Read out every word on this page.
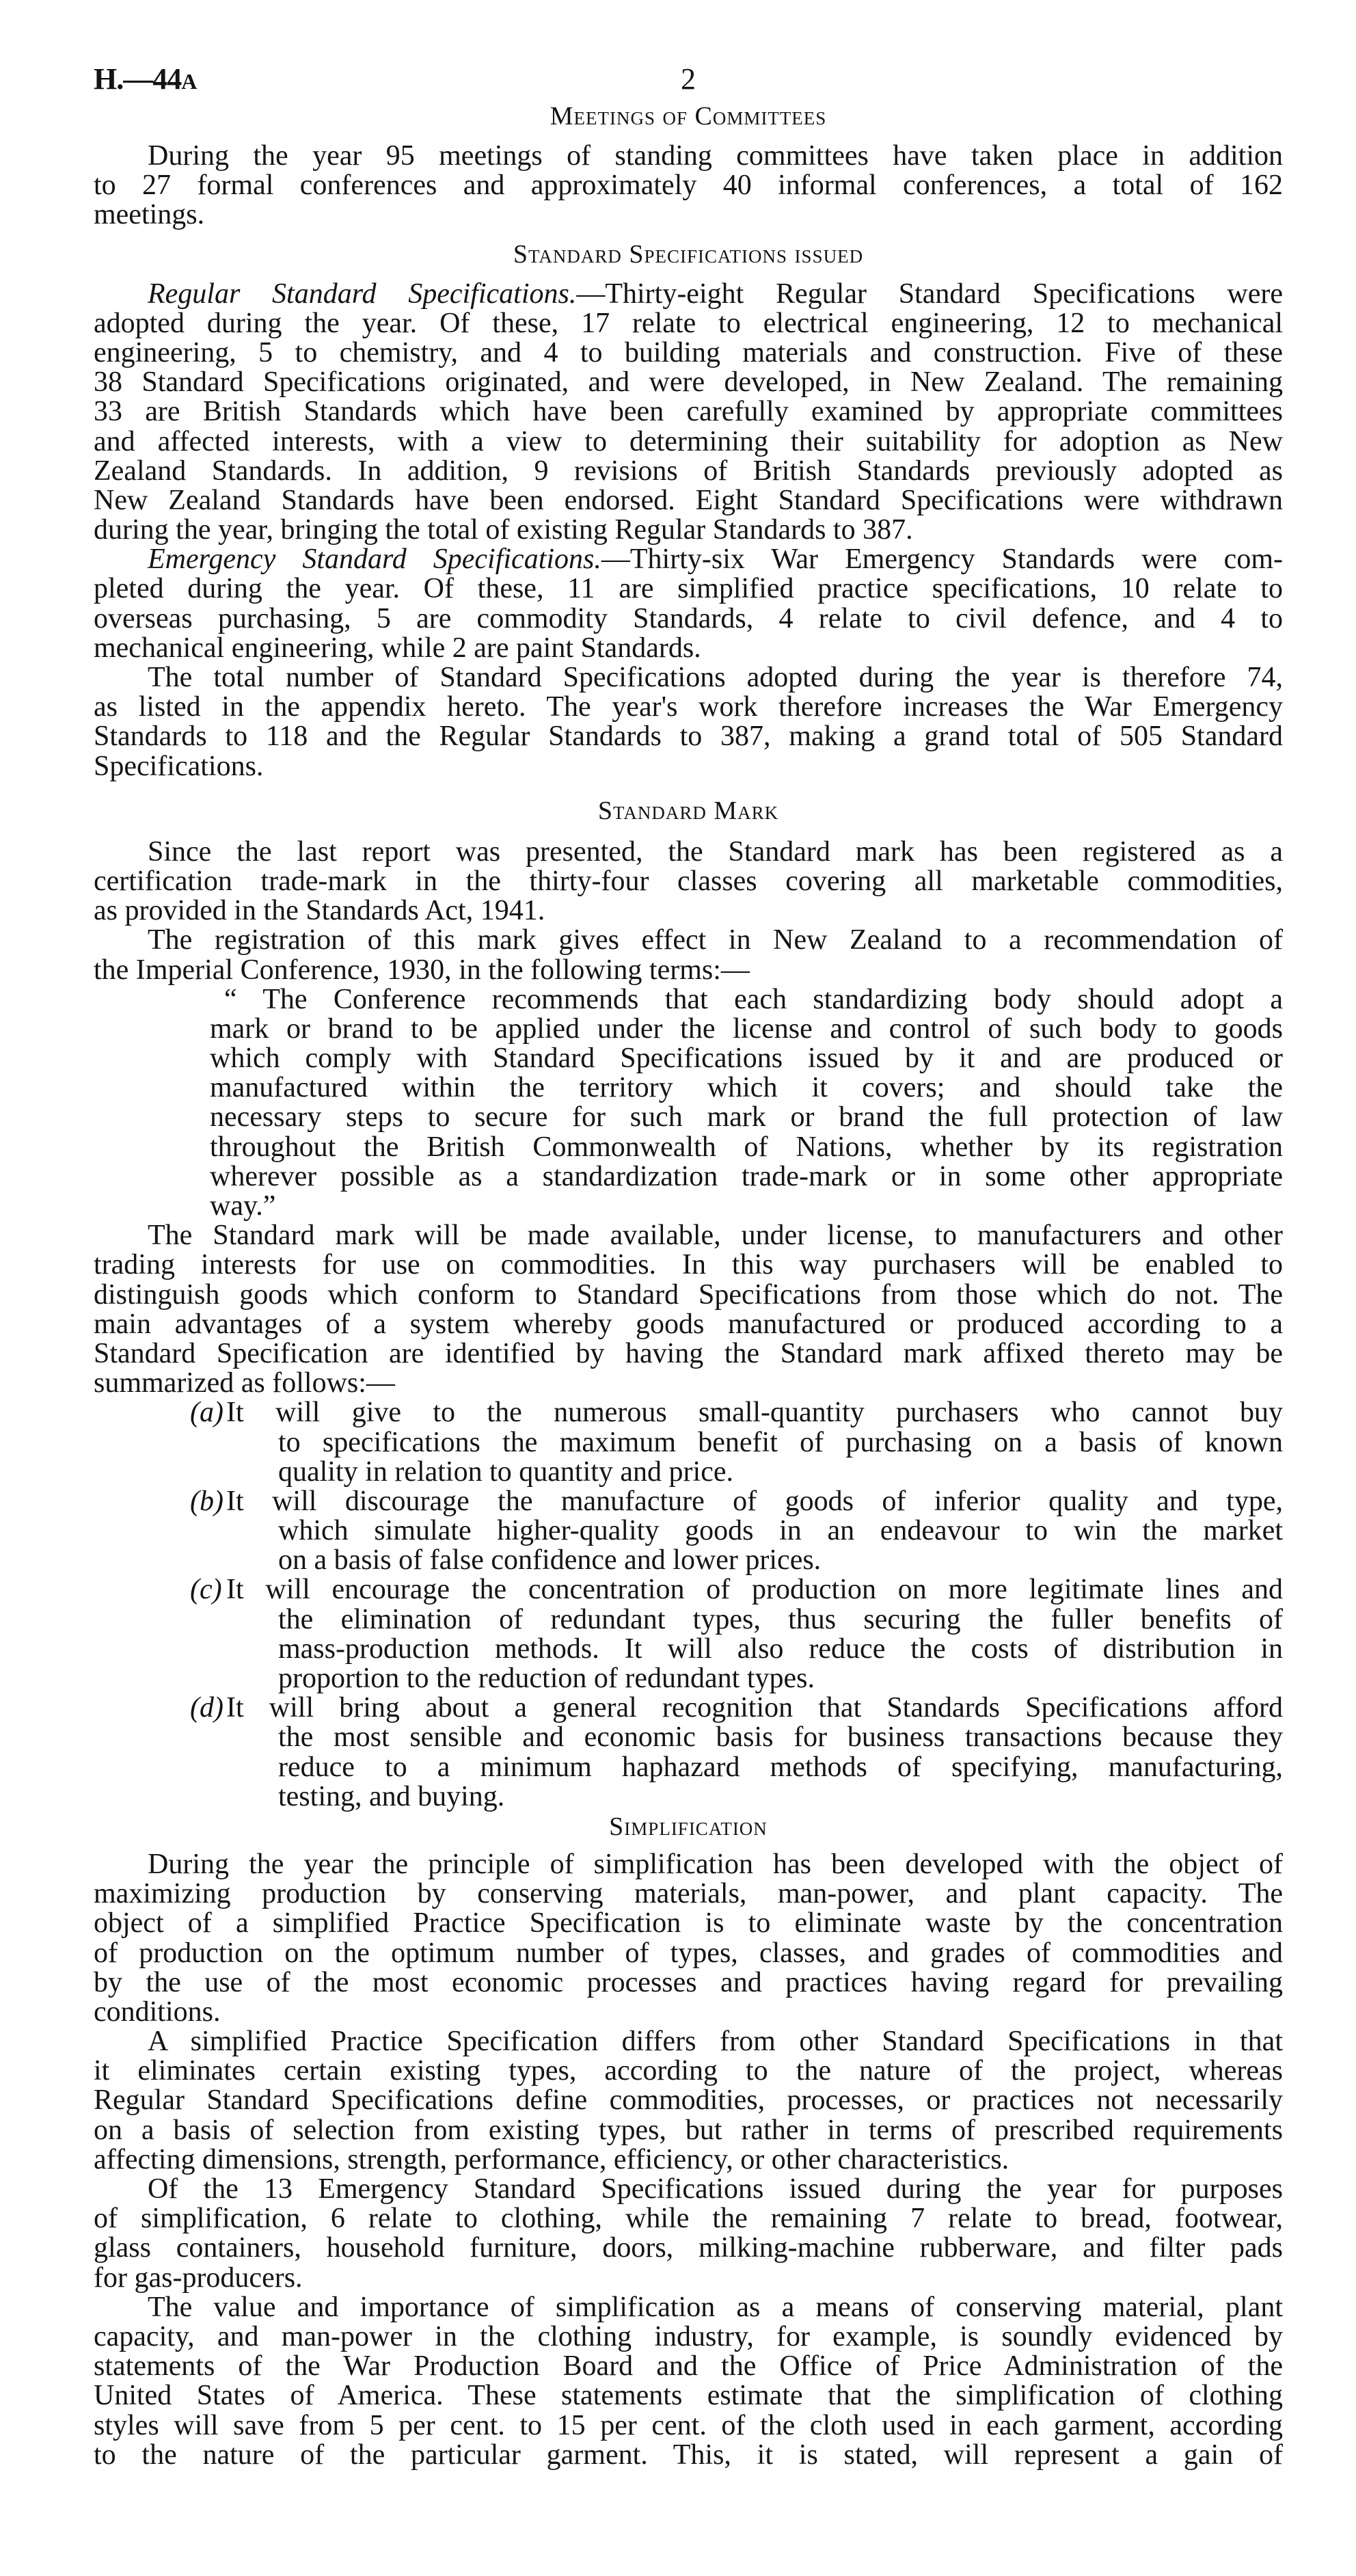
H.—44A	2
Meetings of Committees
During the year 95 meetings of standing committees have taken place in addition
to 27 formal conferences and approximately 40 informal conferences, a total of 162
meetings.
Standard Specifications issued
Regular Standard Specifications.—Thirty-eight Regular Standard Specifications were
adopted during the year. Of these, 17 relate to electrical engineering, 12 to mechanical
engineering, 5 to chemistry, and 4 to building materials and construction. Five of these
38 Standard Specifications originated, and were developed, in New Zealand. The remaining
33 are British Standards which have been carefully examined by appropriate committees
and affected interests, with a view to determining their suitability for adoption as New
Zealand Standards. In addition, 9 revisions of British Standards previously adopted as
New Zealand Standards have been endorsed. Eight Standard Specifications were withdrawn
during the year, bringing the total of existing Regular Standards to 387.
Emergency Standard Specifications.—Thirty-six War Emergency Standards were com-
pleted during the year. Of these, 11 are simplified practice specifications, 10 relate to
overseas purchasing, 5 are commodity Standards, 4 relate to civil defence, and 4 to
mechanical engineering, while 2 are paint Standards.
The total number of Standard Specifications adopted during the year is therefore 74,
as listed in the appendix hereto. The year's work therefore increases the War Emergency
Standards to 118 and the Regular Standards to 387, making a grand total of 505 Standard
Specifications.
Standard Mark
Since the last report was presented, the Standard mark has been registered as a
certification trade-mark in the thirty-four classes covering all marketable commodities,
as provided in the Standards Act, 1941.
The registration of this mark gives effect in New Zealand to a recommendation of
the Imperial Conference, 1930, in the following terms:—
“ The Conference recommends that each standardizing body should adopt a
mark or brand to be applied under the license and control of such body to goods
which comply with Standard Specifications issued by it and are produced or
manufactured within the territory which it covers; and should take the
necessary steps to secure for such mark or brand the full protection of law
throughout the British Commonwealth of Nations, whether by its registration
wherever possible as a standardization trade-mark or in some other appropriate
way.”
The Standard mark will be made available, under license, to manufacturers and other
trading interests for use on commodities. In this way purchasers will be enabled to
distinguish goods which conform to Standard Specifications from those which do not. The
main advantages of a system whereby goods manufactured or produced according to a
Standard Specification are identified by having the Standard mark affixed thereto may be
summarized as follows:—
(a) It will give to the numerous small-quantity purchasers who cannot buy
to specifications the maximum benefit of purchasing on a basis of known
quality in relation to quantity and price.
(b) It will discourage the manufacture of goods of inferior quality and type,
which simulate higher-quality goods in an endeavour to win the market
on a basis of false confidence and lower prices.
(c) It will encourage the concentration of production on more legitimate lines and
the elimination of redundant types, thus securing the fuller benefits of
mass-production methods. It will also reduce the costs of distribution in
proportion to the reduction of redundant types.
(d) It will bring about a general recognition that Standards Specifications afford
the most sensible and economic basis for business transactions because they
reduce to a minimum haphazard methods of specifying, manufacturing,
testing, and buying.
Simplification
During the year the principle of simplification has been developed with the object of
maximizing production by conserving materials, man-power, and plant capacity. The
object of a simplified Practice Specification is to eliminate waste by the concentration
of production on the optimum number of types, classes, and grades of commodities and
by the use of the most economic processes and practices having regard for prevailing
conditions.
A simplified Practice Specification differs from other Standard Specifications in that
it eliminates certain existing types, according to the nature of the project, whereas
Regular Standard Specifications define commodities, processes, or practices not necessarily
on a basis of selection from existing types, but rather in terms of prescribed requirements
affecting dimensions, strength, performance, efficiency, or other characteristics.
Of the 13 Emergency Standard Specifications issued during the year for purposes
of simplification, 6 relate to clothing, while the remaining 7 relate to bread, footwear,
glass containers, household furniture, doors, milking-machine rubberware, and filter pads
for gas-producers.
The value and importance of simplification as a means of conserving material, plant
capacity, and man-power in the clothing industry, for example, is soundly evidenced by
statements of the War Production Board and the Office of Price Administration of the
United States of America. These statements estimate that the simplification of clothing
styles will save from 5 per cent. to 15 per cent. of the cloth used in each garment, according
to the nature of the particular garment. This, it is stated, will represent a gain of
